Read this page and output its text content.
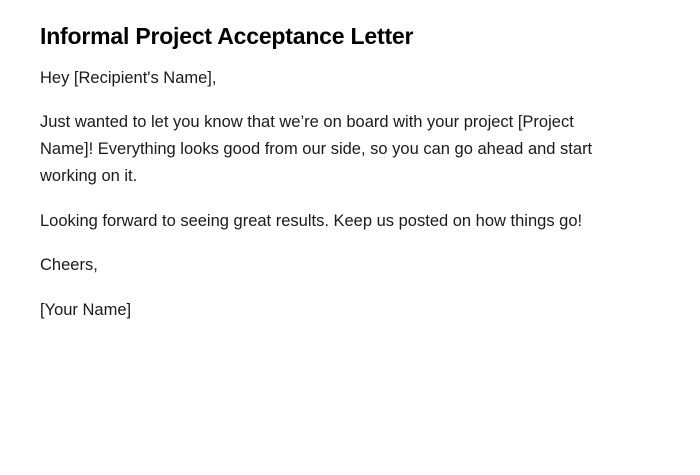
Informal Project Acceptance Letter

Hey [Recipient's Name],

Just wanted to let you know that we’re on board with your project [Project Name]! Everything looks good from our side, so you can go ahead and start working on it.

Looking forward to seeing great results. Keep us posted on how things go!

Cheers,

[Your Name]
